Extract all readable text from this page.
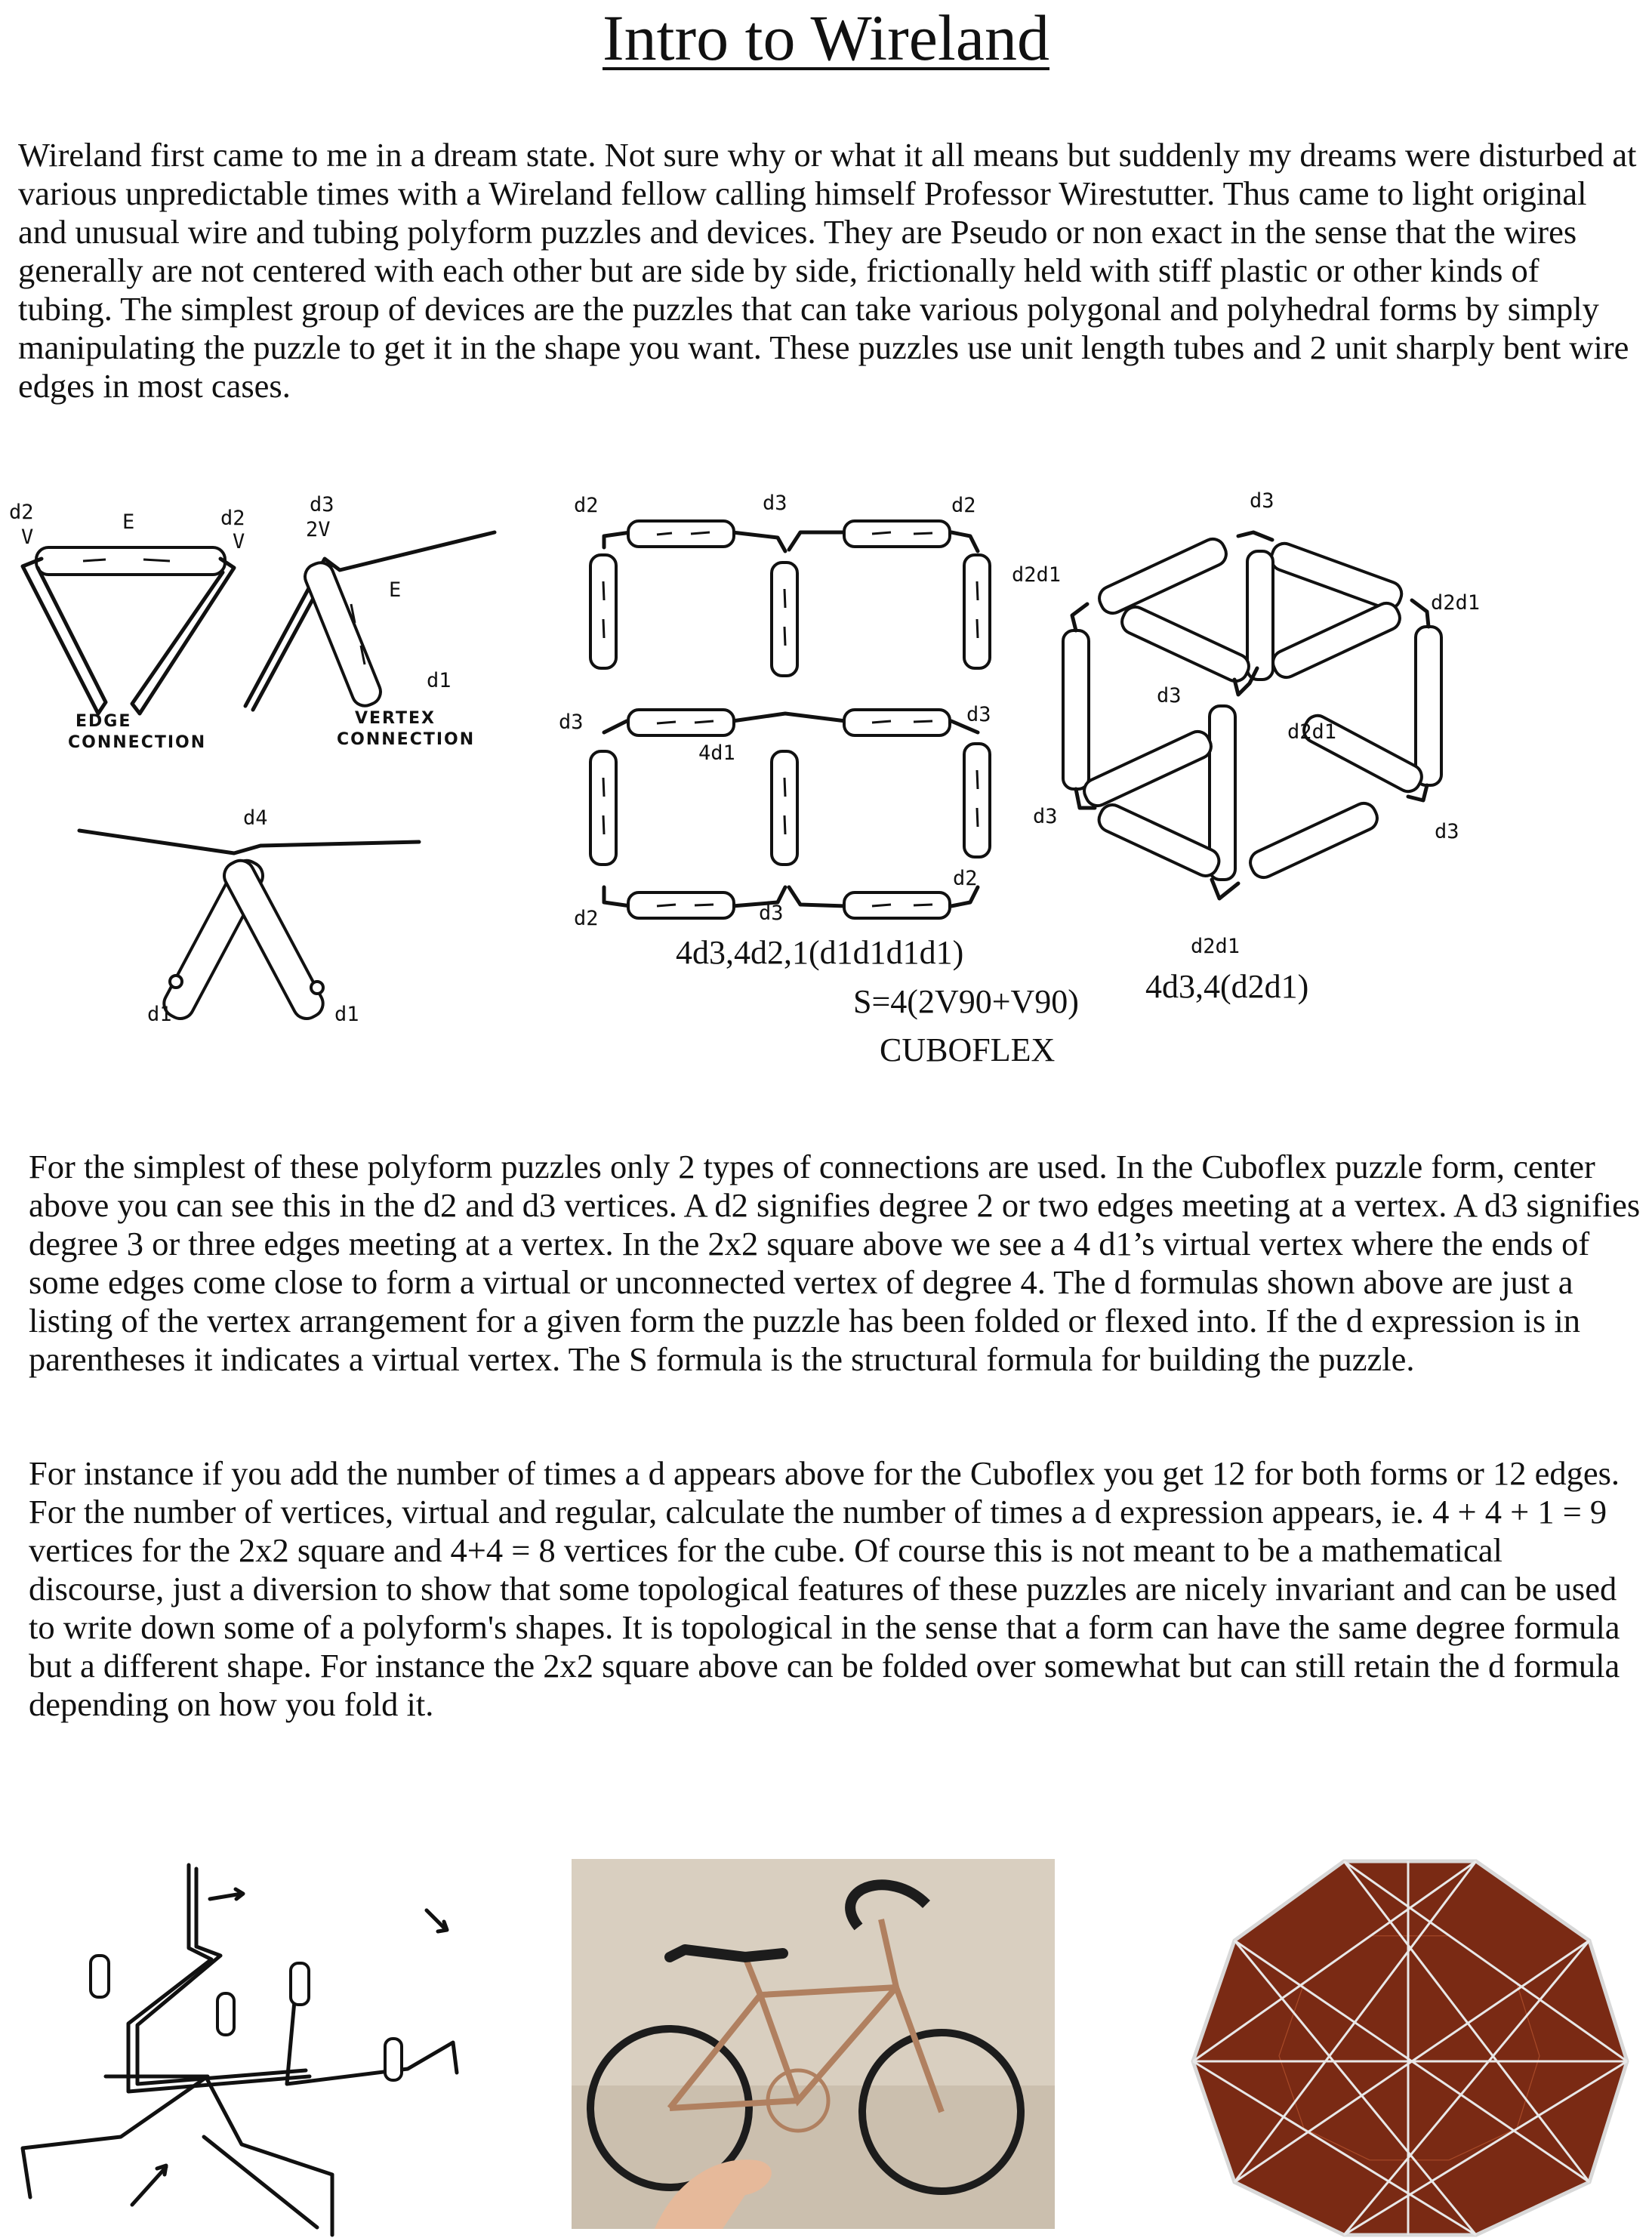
Intro to Wireland

Wireland first came to me in a dream state. Not sure why or what it all means but suddenly my dreams were disturbed at various unpredictable times with a Wireland fellow calling himself Professor Wirestutter. Thus came to light original and unusual wire and tubing polyform puzzles and devices. They are Pseudo or non exact in the sense that the wires generally are not centered with each other but are side by side, frictionally held with stiff plastic or other kinds of tubing. The simplest group of devices are the puzzles that can take various polygonal and polyhedral forms by simply manipulating the puzzle to get it in the shape you want. These puzzles use unit length tubes and 2 unit sharply bent wire edges in most cases.

d2
V
E	d2
V
EDGE
CONNECTION
d3
2V
E
d1
VERTEX
CONNECTION
d4
d1	d1
d2	d3	d2
d3
4d1
d3
d2	d3
d2
4d3,4d2,1(d1d1d1d1)
S=4(2V90+V90)
CUBOFLEX
d3
d2d1
d2d1
d3
d2d1
d3
d3
d2d1
4d3,4(d2d1)

For the simplest of these polyform puzzles only 2 types of connections are used. In the Cuboflex puzzle form, center above you can see this in the d2 and d3 vertices. A d2 signifies degree 2 or two edges meeting at a vertex. A d3 signifies degree 3 or three edges meeting at a vertex. In the 2x2 square above we see a 4 d1’s virtual vertex where the ends of some edges come close to form a virtual or unconnected vertex of degree 4. The d formulas shown above are just a listing of the vertex arrangement for a given form the puzzle has been folded or flexed into. If the d expression is in parentheses it indicates a virtual vertex. The S formula is the structural formula for building the puzzle.

For instance if you add the number of times a d appears above for the Cuboflex you get 12 for both forms or 12 edges. For the number of vertices, virtual and regular, calculate the number of times a d expression appears, ie. 4 + 4 + 1 = 9 vertices for the 2x2 square and 4+4 = 8 vertices for the cube. Of course this is not meant to be a mathematical discourse, just a diversion to show that some topological features of these puzzles are nicely invariant and can be used to write down some of a polyform's shapes. It is topological in the sense that a form can have the same degree formula but a different shape. For instance the 2x2 square above can be folded over somewhat but can still retain the d formula depending on how you fold it.
